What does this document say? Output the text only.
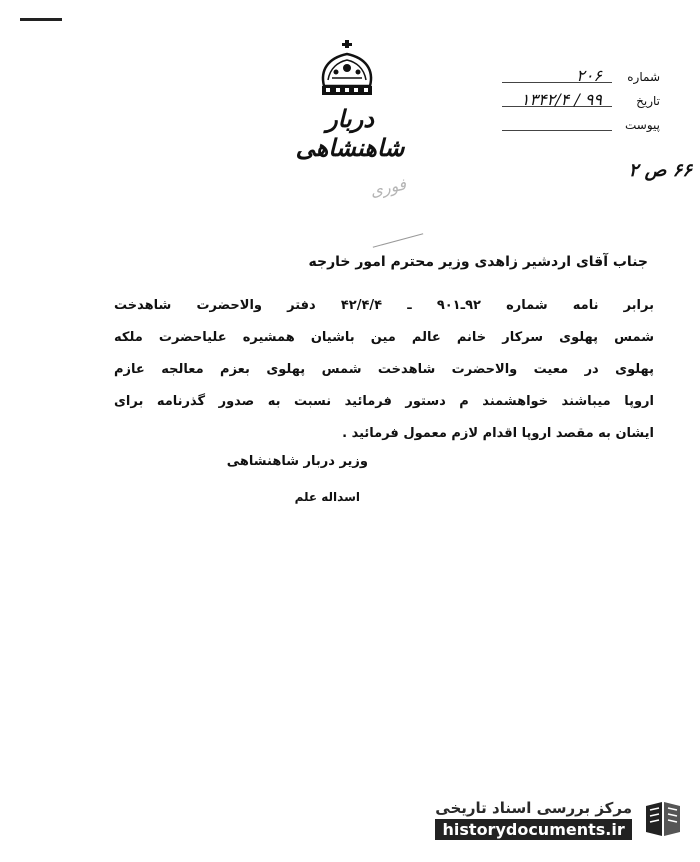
دربار شاهنشاهی
شماره
۲۰۶
تاریخ
۹۹ / ۱۳۴۲/۴
پیوست
۶۶ ص ۲
فوری
جناب آقای اردشیر زاهدی وزیر محترم امور خارجه
برابر نامه شماره ۹۲ـ۹۰۱ ـ ۴۲/۴/۴ دفتر والاحضرت شاهدخت
شمس پهلوی سرکار خانم عالم مین باشیان همشیره علیاحضرت ملکه
پهلوی در معیت والاحضرت شاهدخت شمس پهلوی بعزم معالجه عازم
اروپا میباشند خواهشمند م دستور فرمائید نسبت به صدور گذرنامه برای
ایشان به مقصد اروپا اقدام لازم معمول فرمائید .
وزیر دربار شاهنشاهی
اسداله علم
مرکز بررسی اسناد تاریخی
historydocuments.ir
